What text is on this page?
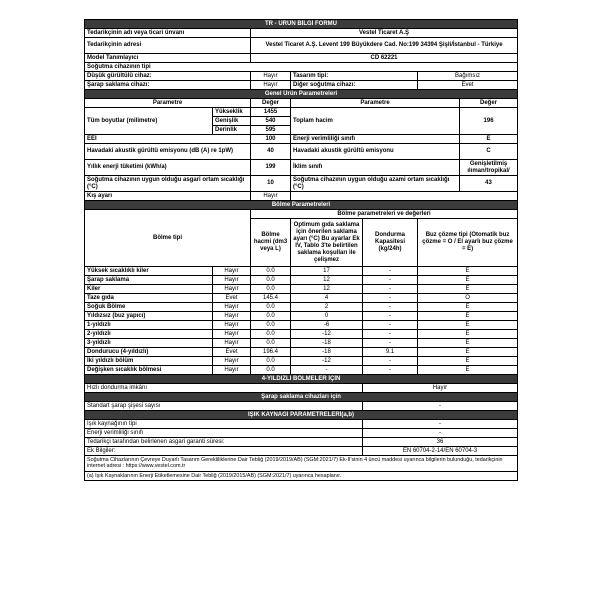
TR - ÜRÜN BİLGİ FORMU						
Tedarikçinin adı veya ticari ünvanı		Vestel Ticaret A.Ş				
Tedarikçinin adresi		Vestel Ticaret A.Ş. Levent 199 Büyükdere Cad. No:199 34394 Şişli/İstanbul - Türkiye				
Model Tanımlayıcı		CD 62221				
Soğutma cihazının tipi						
Düşük gürültülü cihaz:		Hayır	Tasarım tipi:		Bağımsız	
Şarap saklama cihazı:		Hayır	Diğer soğutma cihazı:		Evet	
Genel Ürün Parametreleri						
Parametre		Değer	Parametre			Değer
Tüm boyutlar (milimetre)	Yükseklik	1455	Toplam hacim			196
	Genişlik	540				
	Derinlik	595				
EEI		100	Enerji verimliliği sınıfı			E
Havadaki akustik gürültü emisyonu (dB (A) re 1pW)		40	Havadaki akustik gürültü emisyonu			C
Yıllık enerji tüketimi (kWh/a)		199	İklim sınıfı			Genişletilmiş ılıman/tropikal/
Soğutma cihazının uygun olduğu asgari ortam sıcaklığı (°C)		10	Soğutma cihazının uygun olduğu azami ortam sıcaklığı (°C)			43
Kış ayarı		Hayır				
Bölme Parametreleri						
Bölme tipi		Bölme parametreleri ve değerleri				
		Bölme hacmi (dm3 veya L)	Optimum gıda saklama için önerilen saklama ayarı (°C) Bu ayarlar Ek IV, Tablo 3'te belirtilen saklama koşulları ile çelişmez	Dondurma Kapasitesi (kg/24h)	Buz çözme tipi (Otomatik buz çözme = O / El ayarlı buz çözme = E)	
Yüksek sıcaklıklı kiler	Hayır	0.0	17	-	E	
Şarap saklama	Hayır	0.0	12	-	E	
Kiler	Hayır	0.0	12	-	E	
Taze gıda	Evet	145.4	4	-	O	
Soğuk Bölme	Hayır	0.0	2	-	E	
Yıldızsız (buz yapıcı)	Hayır	0.0	0	-	E	
1-yıldızlı	Hayır	0.0	-6	-	E	
2-yıldızlı	Hayır	0.0	-12	-	E	
3-yıldızlı	Hayır	0.0	-18	-	E	
Dondurucu (4-yıldızlı)	Evet	196.4	-18	9.1	E	
İki yıldızlı bölüm	Hayır	0.0	-12	-	E	
Değişken sıcaklık bölmesi	Hayır	0.0	-	-	E	
4-YILDIZLI BÖLMELER İÇİN						
Hızlı dondurma imkânı				Hayır		
Şarap saklama cihazları için						
Standart şarap şişesi sayısı				-		
IŞIK KAYNAĞI PARAMETRELERİ(a,b)						
Işık kaynağının tipi				-		
Enerji verimliliği sınıfı				-		
Tedarikçi tarafından belirlenen asgari garanti süresi:				36		
Ek Bilgiler:				EN 60704-2-14/EN 60704-3		
Soğutma Cihazlarının Çevreye Duyarlı Tasarım Gerekliliklerine Dair Tebliğ (2019/2019/AB) (SGM:2021/7) Ek-II'sinin 4 üncü maddesi uyarınca bilgilerin bulunduğu, tedarikçinin internet adresi : https://www.vestel.com.tr						
(a) Işık Kaynaklarının Enerji Etiketlemesine Dair Tebliğ (2019/2015/AB) (SGM:2021/7) uyarınca hesaplanır.						
